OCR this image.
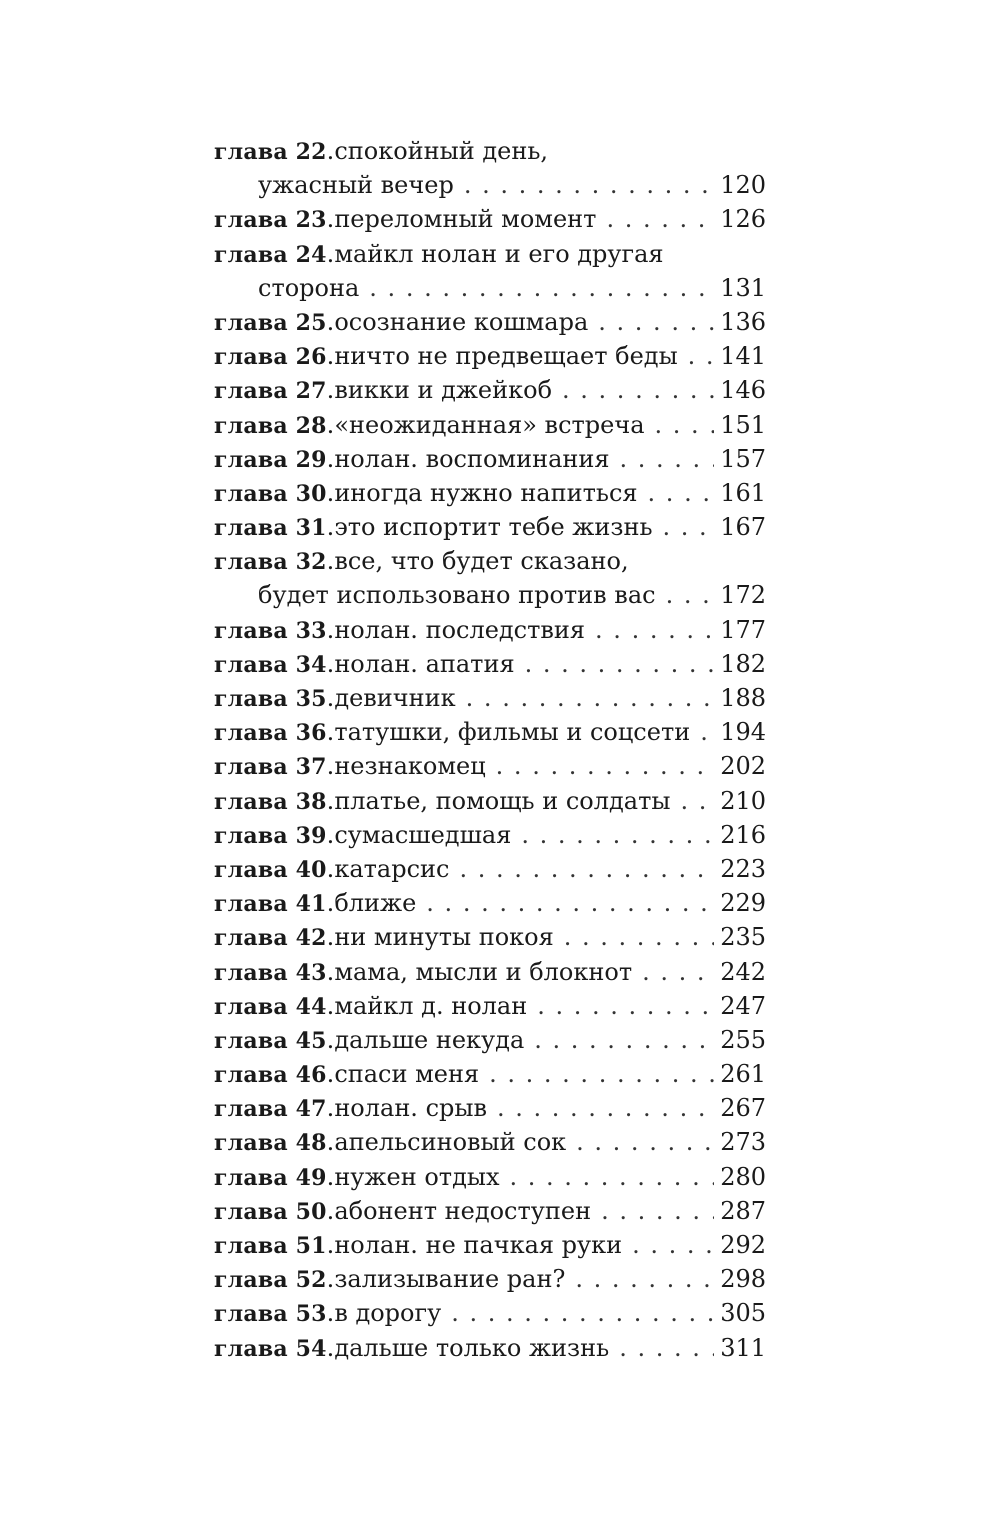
глава 22 . спокойный день,
ужасный вечер . . .	120
глава 23 . переломный момент . . .	126
глава 24 . майкл нолан и его другая
сторона . . .	131
глава 25 . осознание кошмара . . .	136
глава 26 . ничто не предвещает беды . . . 141
глава 27 . викки и джейкоб . . .	146
глава 28 . «неожиданная» встреча . . .	151
глава 29 . нолан. воспоминания . . .	157
глава 30 . иногда нужно напиться . . .	161
глава 31 . это испортит тебе жизнь . . .	167
глава 32 . все, что будет сказано,
будет использовано против вас . . .	172
глава 33 . нолан. последствия . . .	177
глава 34 . нолан. апатия . . .	182
глава 35 . девичник . . .	188
глава 36 . татушки, фильмы и соцсети . . . 194
глава 37 . незнакомец . . .	202
глава 38 . платье, помощь и солдаты . . . 210
глава 39 . сумасшедшая . . .	216
глава 40 . катарсис . . .	223
глава 41 . ближе . . .	229
глава 42 . ни минуты покоя . . .	235
глава 43 . мама, мысли и блокнот . . .	242
глава 44 . майкл д. нолан . . .	247
глава 45 . дальше некуда . . .	255
глава 46 . спаси меня . . .	261
глава 47 . нолан. срыв . . .	267
глава 48 . апельсиновый сок . . .	273
глава 49 . нужен отдых . . .	280
глава 50 . абонент недоступен . . .	287
глава 51 . нолан. не пачкая руки . . .	292
глава 52 . зализывание ран? . . .	298
глава 53 . в дорогу . . .	305
глава 54 . дальше только жизнь . . .	311
